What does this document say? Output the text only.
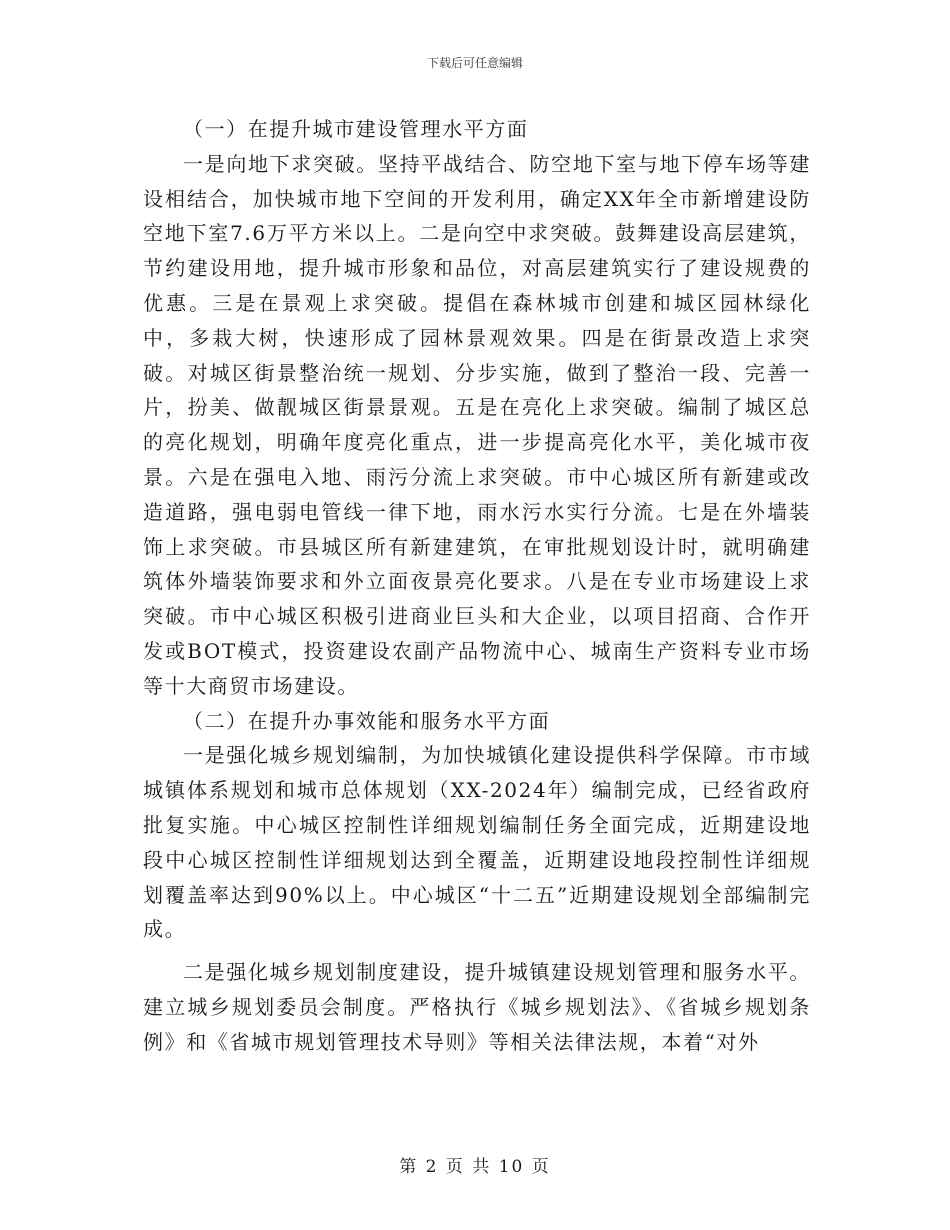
下载后可任意编辑

（一）在提升城市建设管理水平方面

一是向地下求突破。坚持平战结合、防空地下室与地下停车场等建设相结合，加快城市地下空间的开发利用，确定XX年全市新增建设防空地下室7.6万平方米以上。二是向空中求突破。鼓舞建设高层建筑，节约建设用地，提升城市形象和品位，对高层建筑实行了建设规费的优惠。三是在景观上求突破。提倡在森林城市创建和城区园林绿化中，多栽大树，快速形成了园林景观效果。四是在街景改造上求突破。对城区街景整治统一规划、分步实施，做到了整治一段、完善一片，扮美、做靓城区街景景观。五是在亮化上求突破。编制了城区总的亮化规划，明确年度亮化重点，进一步提高亮化水平，美化城市夜景。六是在强电入地、雨污分流上求突破。市中心城区所有新建或改造道路，强电弱电管线一律下地，雨水污水实行分流。七是在外墙装饰上求突破。市县城区所有新建建筑，在审批规划设计时，就明确建筑体外墙装饰要求和外立面夜景亮化要求。八是在专业市场建设上求突破。市中心城区积极引进商业巨头和大企业，以项目招商、合作开发或BOT模式，投资建设农副产品物流中心、城南生产资料专业市场等十大商贸市场建设。

（二）在提升办事效能和服务水平方面

一是强化城乡规划编制，为加快城镇化建设提供科学保障。市市域城镇体系规划和城市总体规划（XX-2024年）编制完成，已经省政府批复实施。中心城区控制性详细规划编制任务全面完成，近期建设地段中心城区控制性详细规划达到全覆盖，近期建设地段控制性详细规划覆盖率达到90%以上。中心城区“十二五”近期建设规划全部编制完成。

二是强化城乡规划制度建设，提升城镇建设规划管理和服务水平。建立城乡规划委员会制度。严格执行《城乡规划法》、《省城乡规划条例》和《省城市规划管理技术导则》等相关法律法规，本着“对外

第 2 页 共 10 页
